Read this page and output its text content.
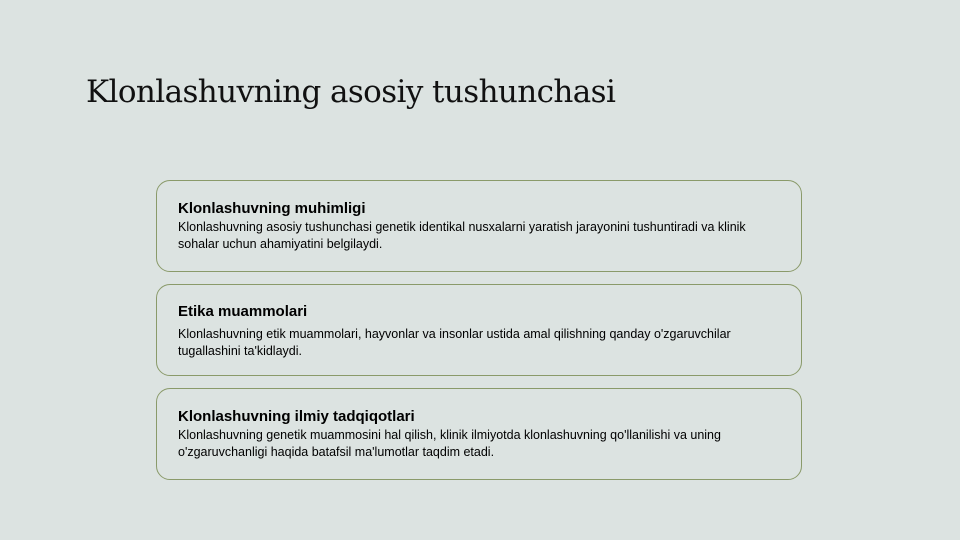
Klonlashuvning asosiy tushunchasi

Klonlashuvning muhimligi

Klonlashuvning asosiy tushunchasi genetik identikal nusxalarni yaratish jarayonini tushuntiradi va klinik sohalar uchun ahamiyatini belgilaydi.

Etika muammolari

Klonlashuvning etik muammolari, hayvonlar va insonlar ustida amal qilishning qanday o'zgaruvchilar tugallashini ta'kidlaydi.

Klonlashuvning ilmiy tadqiqotlari

Klonlashuvning genetik muammosini hal qilish, klinik ilmiyotda klonlashuvning qo'llanilishi va uning o'zgaruvchanligi haqida batafsil ma'lumotlar taqdim etadi.
